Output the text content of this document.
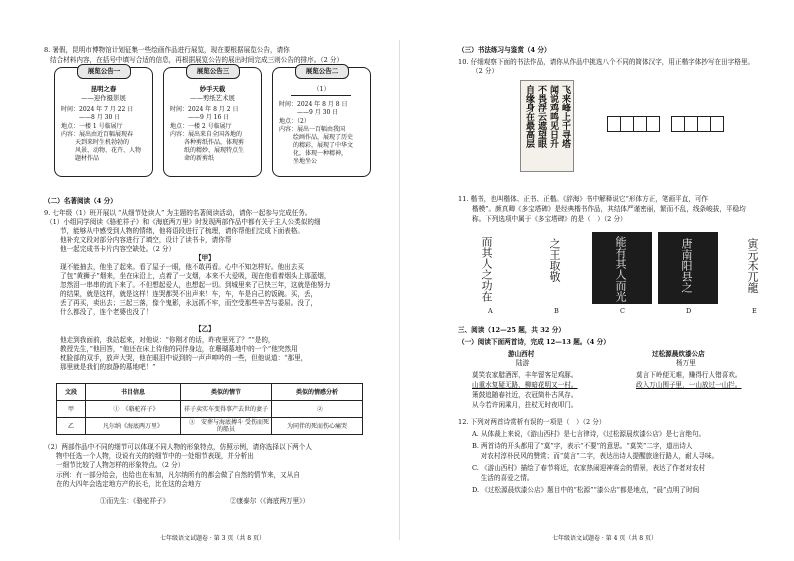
8. 暑假，昆明市博物馆计划征集一些绘画作品进行展览，现在要根据展览公告，请你
结合材料内容，在括号中填写合适的信息，再根据展览公告的展出时间完成三则公告的排序。（2 分）
展览公告一
昆明之春
——迎作摄影展
时间：2024 年 7 月 22 日
——8 月 30 日
地点：一楼 1 号临展厅
内容：展出由近百幅展现春
天到来时生机勃勃的
风景、动物、花卉、人物
题材作品
展览公告三
妙手天裁
——剪纸艺术展
时间：2024 年 8 月 2 日
——9 月 16 日
地点：一楼 2 号临展厅
内容：展出来自全国各地的
各种剪纸作品，体现剪
纸的精妙、展现特点生
命的新剪纸
展览公告二
（1）
时间：2024 年 8 月 8 日
——9 月 30 日
地点：（2）
内容：展出一百幅由我国
绘画作品，展现了历史
的精彩，展现了中华文
化，体现一种精神，
坐地坐公
（二）名著阅读（4 分）
9. 七年级（1）班开展以 “从细节处读人” 为主题的名著阅读活动，请你一起参与完成任务。
（1）小组同学阅读《骆驼祥子》和《海底两万里》时发现两部作品中都有关于主人公类似的细
节，能够从中感受到人物的情绪，他将语段进行了梳理，请你帮他们完成下面表格。
他补充文段对部分内容进行了填空，设计了读书卡，请你帮
他一起完成书卡片内容空缺处。（2 分）
【甲】
现不能抽去，他坐了起来。看了屋子一眼，他不敢再看。心中不知怎样好。他出去买
了包“黄狮子”烟来，坐在床沿上，点着了一支烟，本来不大爱吸，现在他看着烟头上那蓝烟，
忽然泪一串串的流下来了。不但想起爱人，也想起一切。到城里来了已快三年，这就是他努力
的结果，就是这样，就是这样！连哭都哭不出声来！车，车，车是自己的饭碗。买，丢，
丢了再买，卖出去；三起三落，像个鬼影，永远抓不牢，而空受那些辛苦与委屈。没了，
什么都没了，连个老婆也没了！
【乙】
他走到我面前，我站起来，对他说：“你刚才的话，昨夜里死了？”“是的，
教授先生，”他回答，“他还在床上待他的同伴身边，在珊瑚墓地中的一个”他突然用
枕脸部的双手，放声大哭，他在眼泪中说到的一声声呻吟的一些，但他说道：“那里，
那里就是我们的寂静的墓地吧！”
文段	书目信息	类似的情节	类似的情感分析
甲	　①　《骆驼祥子》	祥子卖实车变得事产去世的妻子	　②　
乙	凡尔纳《海底两万里》	　③　安葬与海底搏斗 受伤而死的船员	为同伴的死而伤心痛哭
（2）两部作品中不同的细节可以体现不同人物的形象特点，仿照示例，请你选择以下两个人
物中任选一个人物，设说有关的的细节中的一处细节表现，并分析出
一细节比较了人物怎样的形象特点。（2 分）
示例：有一部分给会，也给也在布加，凡尔纳所有的都会做了自然的情节来，又从自
在的大四年会选定地方产的长毛，比在这的会地方
①而先生：《骆驼祥子》	②康泰尔（《海底两万里》）
七年级语文试题卷 · 第 3 页（共 8 页）
（三）书法练习与鉴赏（4 分）
10. 仔细观察下面的书法作品，请你从作品中挑选八个不同的简体汉字，用正楷字体抄写在田字格里。
（2 分）
飞来峰上千寻塔
闻说鸡鸣见日升
不畏浮云遮望眼
自缘身在最高层
11. 楷书，也叫楷体、正书、正楷。《辞海》书中解释说它“形体方正，笔画平直，可作
楷模”。颜真卿《多宝塔碑》是经典楷书作品，其结体严谨密丽，繁而不乱，线条峻拔，平稳均
称。下列选项中属于《多宝塔碑》的是（　）（2 分）
而其人之功在	之王取敬	能有其人而光	唐南阳县之	寅元禾兀龍
A	B	C	D	E
三、阅读（12—25 题，共 32 分）
（一）阅读下面两首诗，完成 12—13 题。（4 分）
游山西村
陆游
莫笑农家腊酒浑，丰年留客足鸡豚。
山重水复疑无路，柳暗花明又一村。
箫鼓追随春社近，衣冠简朴古风存。
从今若许闲乘月，拄杖无时夜叩门。
过松源晨炊漆公店
杨万里
莫言下岭便无难，赚得行人错喜欢。
政入万山围子里，一山放过一山拦。
12. 下列对两首诗赏析有误的一项是（　）（2 分）
A. 从体裁上来说，《游山西村》是七言律诗，《过松源晨炊漆公店》是七言绝句。
B. 两首诗的开头都用了“莫”字，表示“不要”的意思。“莫笑”二字，道出诗人
　 对农村淳朴民风的赞赏；而“莫言”二字，表达出诗人提醒旅途行路人，耐人寻味。
C. 《游山西村》描绘了春节将近，农家热闹迎神赛会的情景，表达了作者对农村
　 生活的喜爱之情。
D. 《过松源晨炊漆公店》题目中的“松源”“漆公店”都是地点，“晨”点明了时间
七年级语文试题卷 · 第 4 页（共 8 页）
